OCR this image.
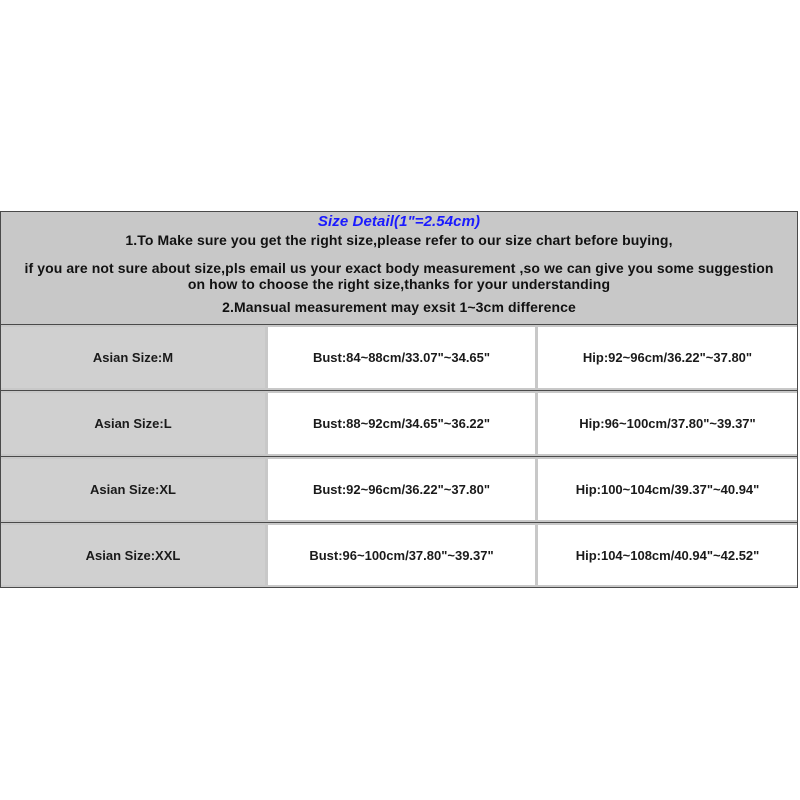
Size Detail(1"=2.54cm)
1.To Make sure you get the right size,please refer to our size chart before buying,
if you are not sure about size,pls email us your exact body measurement ,so we can give you some suggestion
on how to choose the right size,thanks for your understanding
2.Mansual measurement may exsit 1~3cm difference
Asian Size:M	Bust:84~88cm/33.07"~34.65"	Hip:92~96cm/36.22"~37.80"
Asian Size:L	Bust:88~92cm/34.65"~36.22"	Hip:96~100cm/37.80"~39.37"
Asian Size:XL	Bust:92~96cm/36.22"~37.80"	Hip:100~104cm/39.37"~40.94"
Asian Size:XXL	Bust:96~100cm/37.80"~39.37"	Hip:104~108cm/40.94"~42.52"
